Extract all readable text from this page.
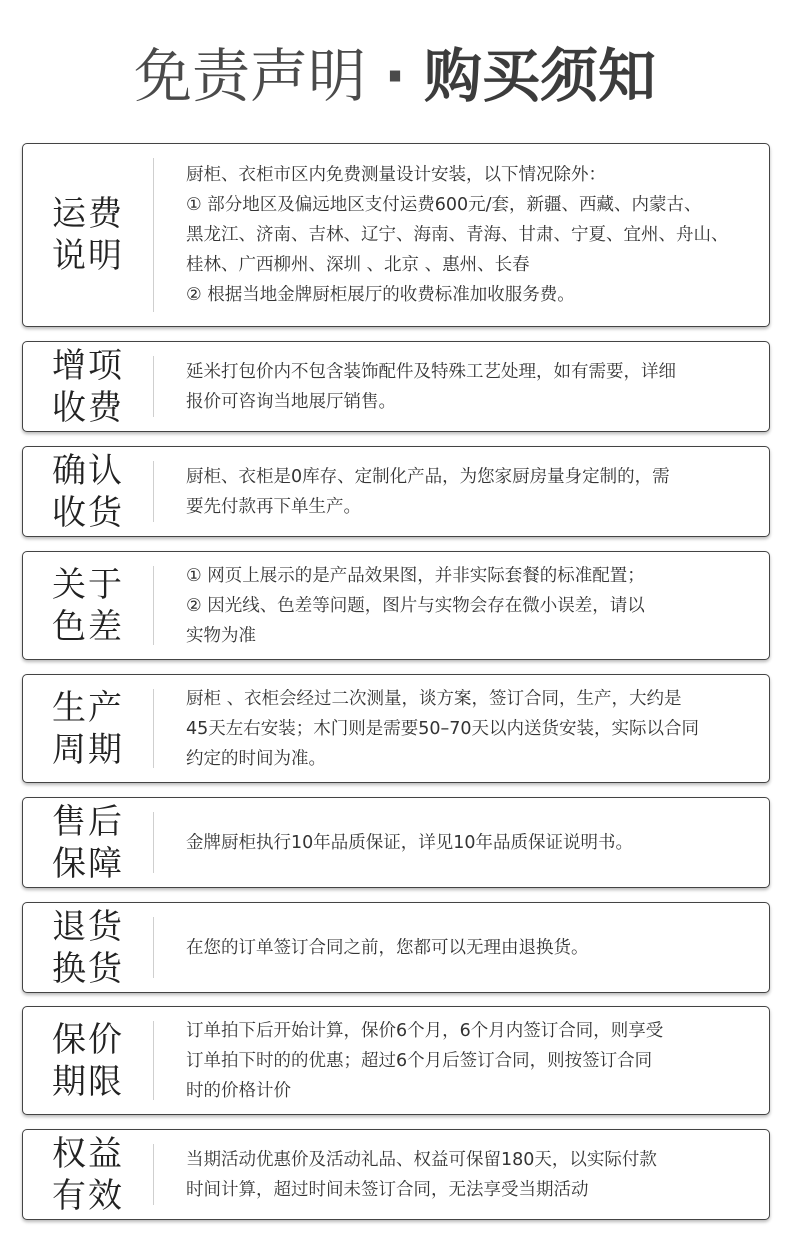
免责声明 · 购买须知
运费
说明
厨柜、衣柜市区内免费测量设计安装，以下情况除外：
① 部分地区及偏远地区支付运费600元/套，新疆、西藏、内蒙古、
黑龙江、济南、吉林、辽宁、海南、青海、甘肃、宁夏、宜州、舟山、
桂林、广西柳州、深圳 、北京 、惠州、长春
② 根据当地金牌厨柜展厅的收费标准加收服务费。
增项
收费
延米打包价内不包含装饰配件及特殊工艺处理，如有需要，详细
报价可咨询当地展厅销售。
确认
收货
厨柜、衣柜是0库存、定制化产品，为您家厨房量身定制的，需
要先付款再下单生产。
关于
色差
① 网页上展示的是产品效果图，并非实际套餐的标准配置；
② 因光线、色差等问题，图片与实物会存在微小误差，请以
实物为准
生产
周期
厨柜 、衣柜会经过二次测量，谈方案，签订合同，生产，大约是
45天左右安装；木门则是需要50–70天以内送货安装，实际以合同
约定的时间为准。
售后
保障
金牌厨柜执行10年品质保证，详见10年品质保证说明书。
退货
换货
在您的订单签订合同之前，您都可以无理由退换货。
保价
期限
订单拍下后开始计算，保价6个月，6个月内签订合同，则享受
订单拍下时的的优惠；超过6个月后签订合同，则按签订合同
时的价格计价
权益
有效
当期活动优惠价及活动礼品、权益可保留180天，以实际付款
时间计算，超过时间未签订合同，无法享受当期活动
